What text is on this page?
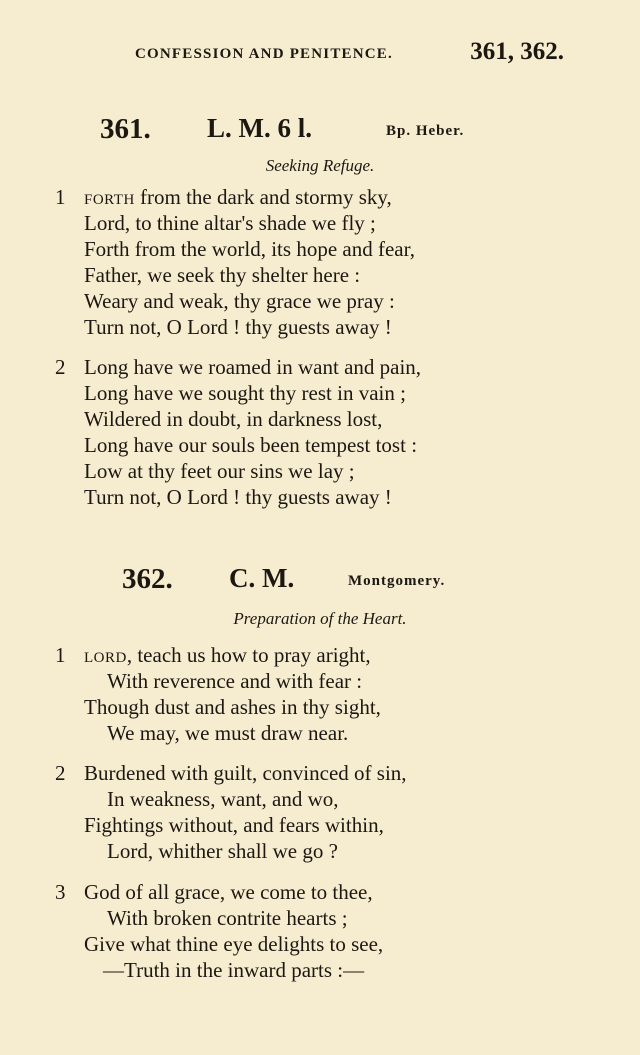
CONFESSION AND PENITENCE.	361, 362.
361. L. M. 6 l.	Bp. Heber.
Seeking Refuge.
1 FORTH from the dark and stormy sky,
Lord, to thine altar's shade we fly ;
Forth from the world, its hope and fear,
Father, we seek thy shelter here :
Weary and weak, thy grace we pray :
Turn not, O Lord ! thy guests away !
2 Long have we roamed in want and pain,
Long have we sought thy rest in vain ;
Wildered in doubt, in darkness lost,
Long have our souls been tempest tost :
Low at thy feet our sins we lay ;
Turn not, O Lord ! thy guests away !
362. C. M.	Montgomery.
Preparation of the Heart.
1 LORD, teach us how to pray aright,
With reverence and with fear :
Though dust and ashes in thy sight,
We may, we must draw near.
2 Burdened with guilt, convinced of sin,
In weakness, want, and wo,
Fightings without, and fears within,
Lord, whither shall we go ?
3 God of all grace, we come to thee,
With broken contrite hearts ;
Give what thine eye delights to see,
—Truth in the inward parts :—
